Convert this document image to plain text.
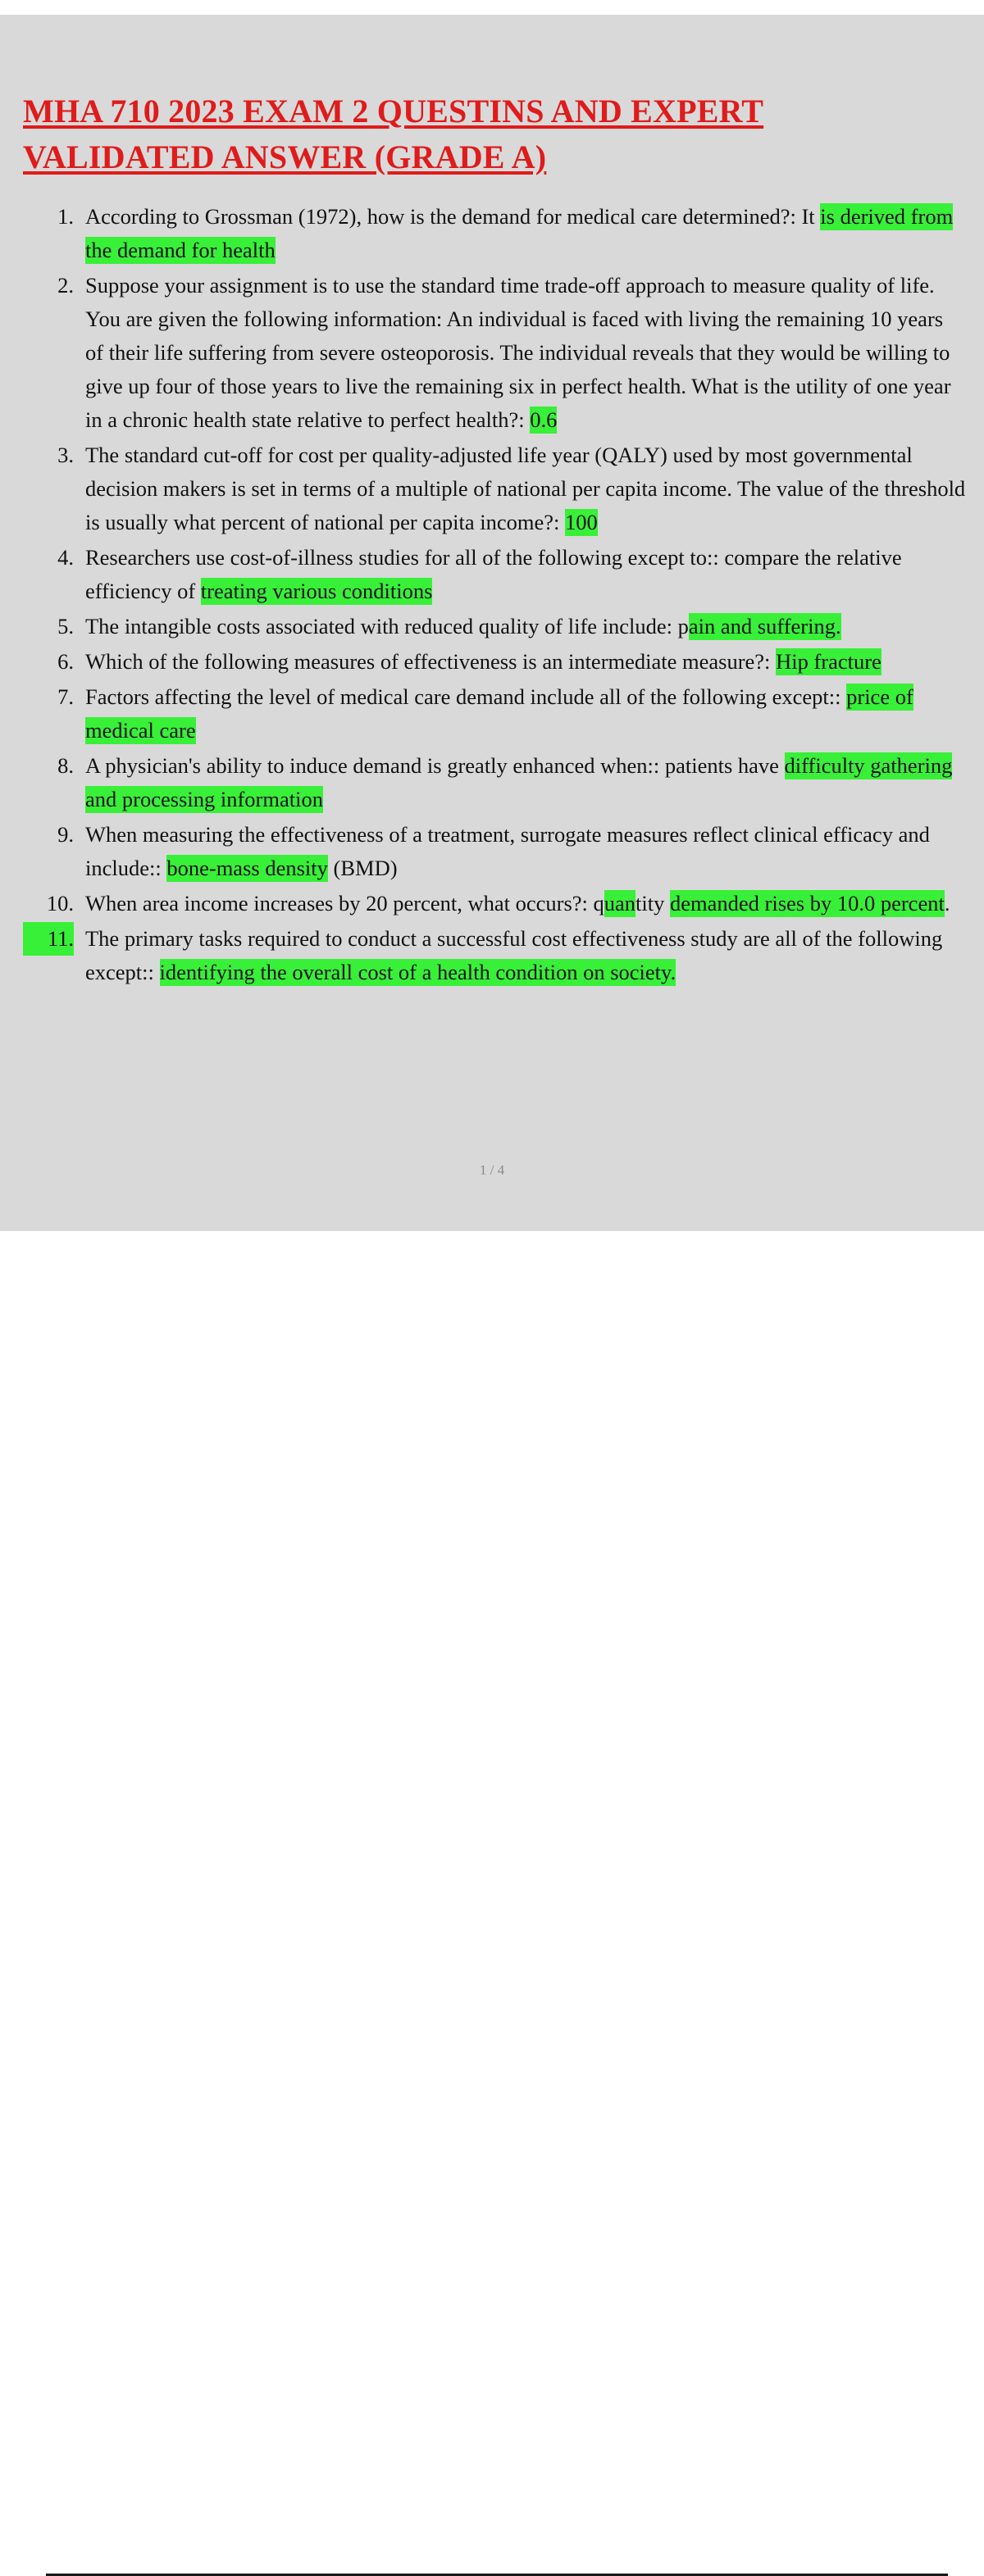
MHA 710 2023 EXAM 2 QUESTINS AND EXPERT VALIDATED ANSWER (GRADE A)
According to Grossman (1972), how is the demand for medical care determined?: It is derived from the demand for health
Suppose your assignment is to use the standard time trade-off approach to measure quality of life. You are given the following information: An individual is faced with living the remaining 10 years of their life suffering from severe osteoporosis. The individual reveals that they would be willing to give up four of those years to live the remaining six in perfect health. What is the utility of one year in a chronic health state relative to perfect health?: 0.6
The standard cut-off for cost per quality-adjusted life year (QALY) used by most governmental decision makers is set in terms of a multiple of national per capita income. The value of the threshold is usually what percent of national per capita income?: 100
Researchers use cost-of-illness studies for all of the following except to:: compare the relative efficiency of treating various conditions
The intangible costs associated with reduced quality of life include: pain and suffering.
Which of the following measures of effectiveness is an intermediate measure?: Hip fracture
Factors affecting the level of medical care demand include all of the following except:: price of medical care
A physician's ability to induce demand is greatly enhanced when:: patients have difficulty gathering and processing information
When measuring the effectiveness of a treatment, surrogate measures reflect clinical efficacy and include:: bone-mass density (BMD)
When area income increases by 20 percent, what occurs?: quantity demanded rises by 10.0 percent.
The primary tasks required to conduct a successful cost effectiveness study are all of the following except:: identifying the overall cost of a health condition on society.
1 / 4
